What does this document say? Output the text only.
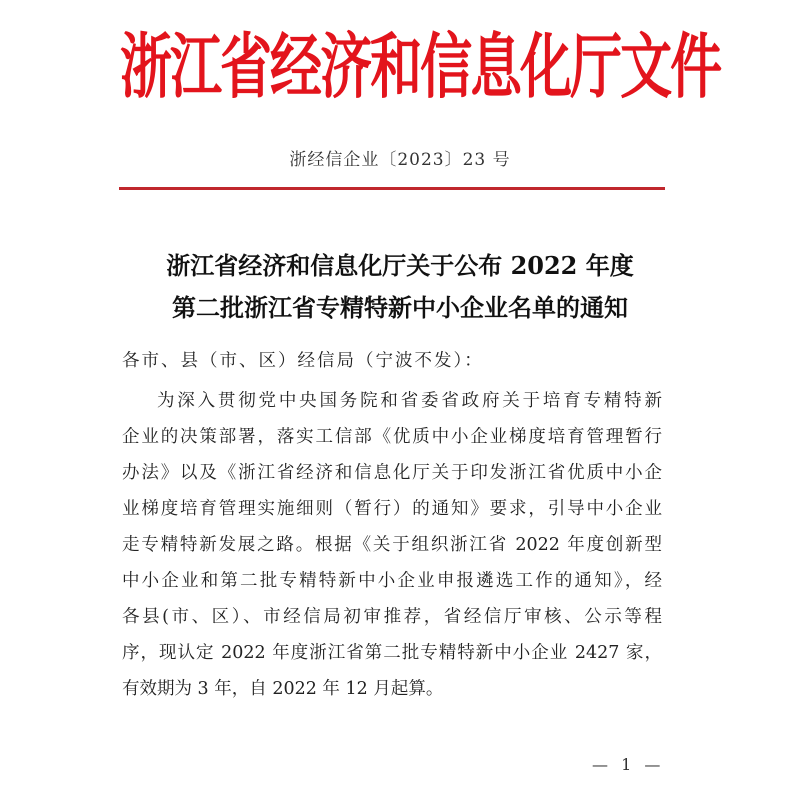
浙 江 省 经 济 和 信 息 化 厅 文 件
浙经信企业〔2023〕23 号
浙江省经济和信息化厅关于公布 2022 年度
第二批浙江省专精特新中小企业名单的通知
各市、县（市、区）经信局（宁波不发）：
为深入贯彻党中央国务院和省委省政府关于培育专精特新
企业的决策部署，落实工信部《优质中小企业梯度培育管理暂行
办法》以及《浙江省经济和信息化厅关于印发浙江省优质中小企
业梯度培育管理实施细则（暂行）的通知》要求，引导中小企业
走专精特新发展之路。根据《关于组织浙江省 2022 年度创新型
中小企业和第二批专精特新中小企业申报遴选工作的通知》，经
各县(市、区）、市经信局初审推荐，省经信厅审核、公示等程
序，现认定 2022 年度浙江省第二批专精特新中小企业 2427 家，
有效期为 3 年，自 2022 年 12 月起算。
— 1 —
